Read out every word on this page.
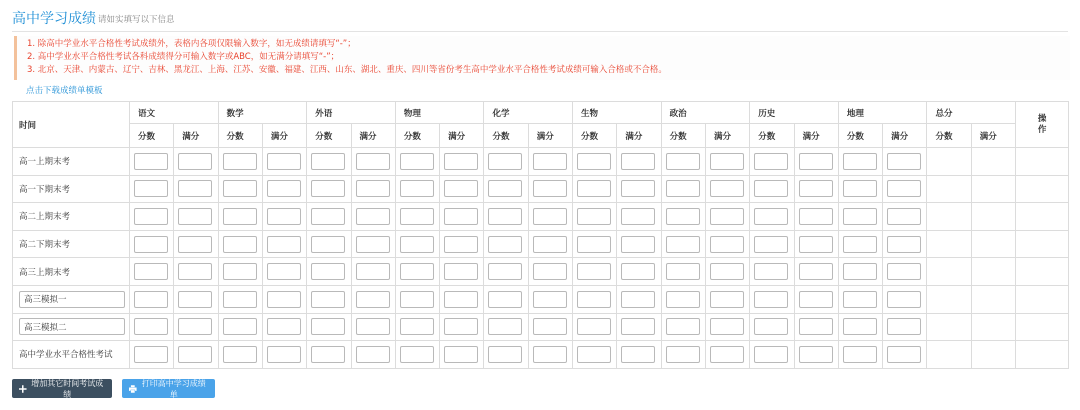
高中学习成绩 请如实填写以下信息
1. 除高中学业水平合格性考试成绩外，表格内各项仅限输入数字，如无成绩请填写“-”；
2. 高中学业水平合格性考试各科成绩得分可输入数字或ABC，如无满分请填写“-”；
3. 北京、天津、内蒙古、辽宁、吉林、黑龙江、上海、江苏、安徽、福建、江西、山东、湖北、重庆、四川等省份考生高中学业水平合格性考试成绩可输入合格或不合格。
点击下载成绩单模板
时间	语文		数学		外语		物理		化学		生物		政治		历史		地理		总分		操作
	分数	满分	分数	满分	分数	满分	分数	满分	分数	满分	分数	满分	分数	满分	分数	满分	分数	满分	分数	满分	
高一上期末考	

高一下期末考	

高二上期末考	

高二下期末考	

高三上期末考	

高三模拟一	

高三模拟二	

高中学业水平合格性考试	

增加其它时间考试成绩
打印高中学习成绩单
